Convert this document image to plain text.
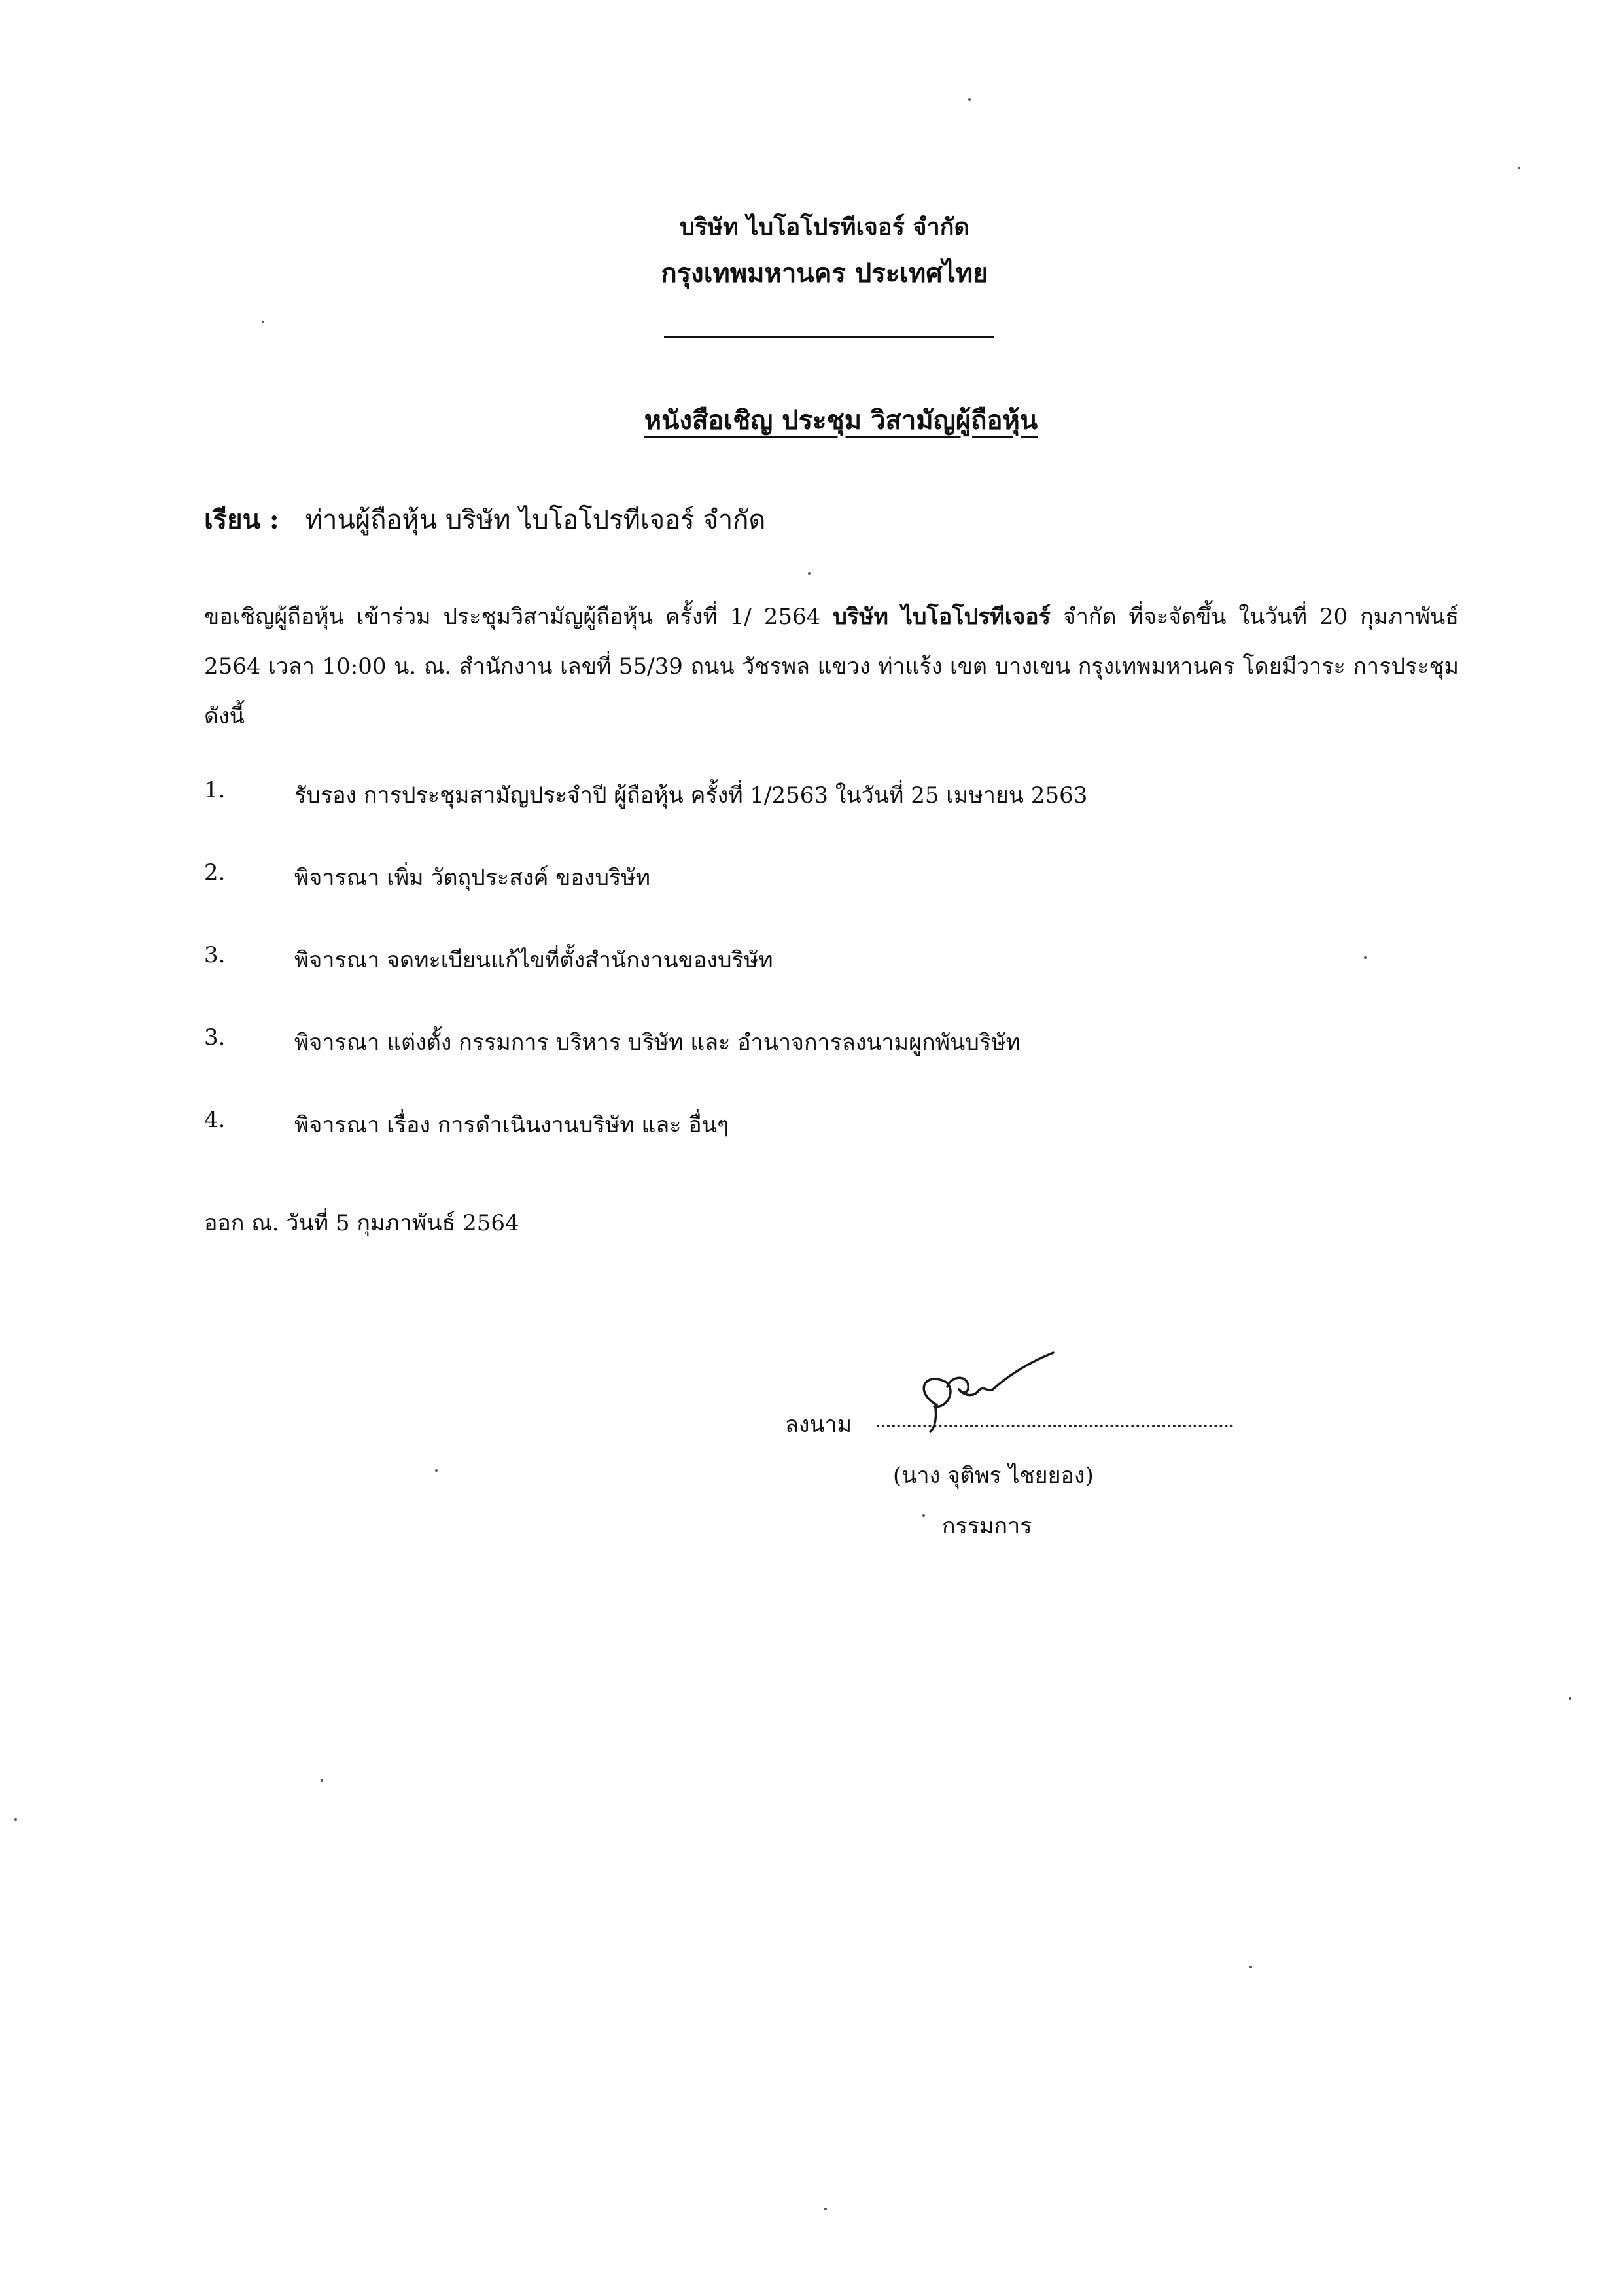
บริษัท ไบโอโปรทีเจอร์ จำกัด
กรุงเทพมหานคร ประเทศไทย
หนังสือเชิญ ประชุม วิสามัญผู้ถือหุ้น
เรียน : ท่านผู้ถือหุ้น บริษัท ไบโอโปรทีเจอร์ จำกัด
ขอเชิญผู้ถือหุ้น เข้าร่วม ประชุมวิสามัญผู้ถือหุ้น ครั้งที่ 1/ 2564 บริษัท ไบโอโปรทีเจอร์ จำกัด ที่จะจัดขึ้น ในวันที่ 20 กุมภาพันธ์ 2564 เวลา 10:00 น. ณ. สำนักงาน เลขที่ 55/39 ถนน วัชรพล แขวง ท่าแร้ง เขต บางเขน กรุงเทพมหานคร โดยมีวาระ การประชุม ดังนี้
1.	รับรอง การประชุมสามัญประจำปี ผู้ถือหุ้น ครั้งที่ 1/2563 ในวันที่ 25 เมษายน 2563
2.	พิจารณา เพิ่ม วัตถุประสงค์ ของบริษัท
3.	พิจารณา จดทะเบียนแก้ไขที่ตั้งสำนักงานของบริษัท
3.	พิจารณา แต่งตั้ง กรรมการ บริหาร บริษัท และ อำนาจการลงนามผูกพันบริษัท
4.	พิจารณา เรื่อง การดำเนินงานบริษัท และ อื่นๆ
ออก ณ. วันที่ 5 กุมภาพันธ์ 2564
ลงนาม
(นาง จุติพร ไชยยอง)
กรรมการ
